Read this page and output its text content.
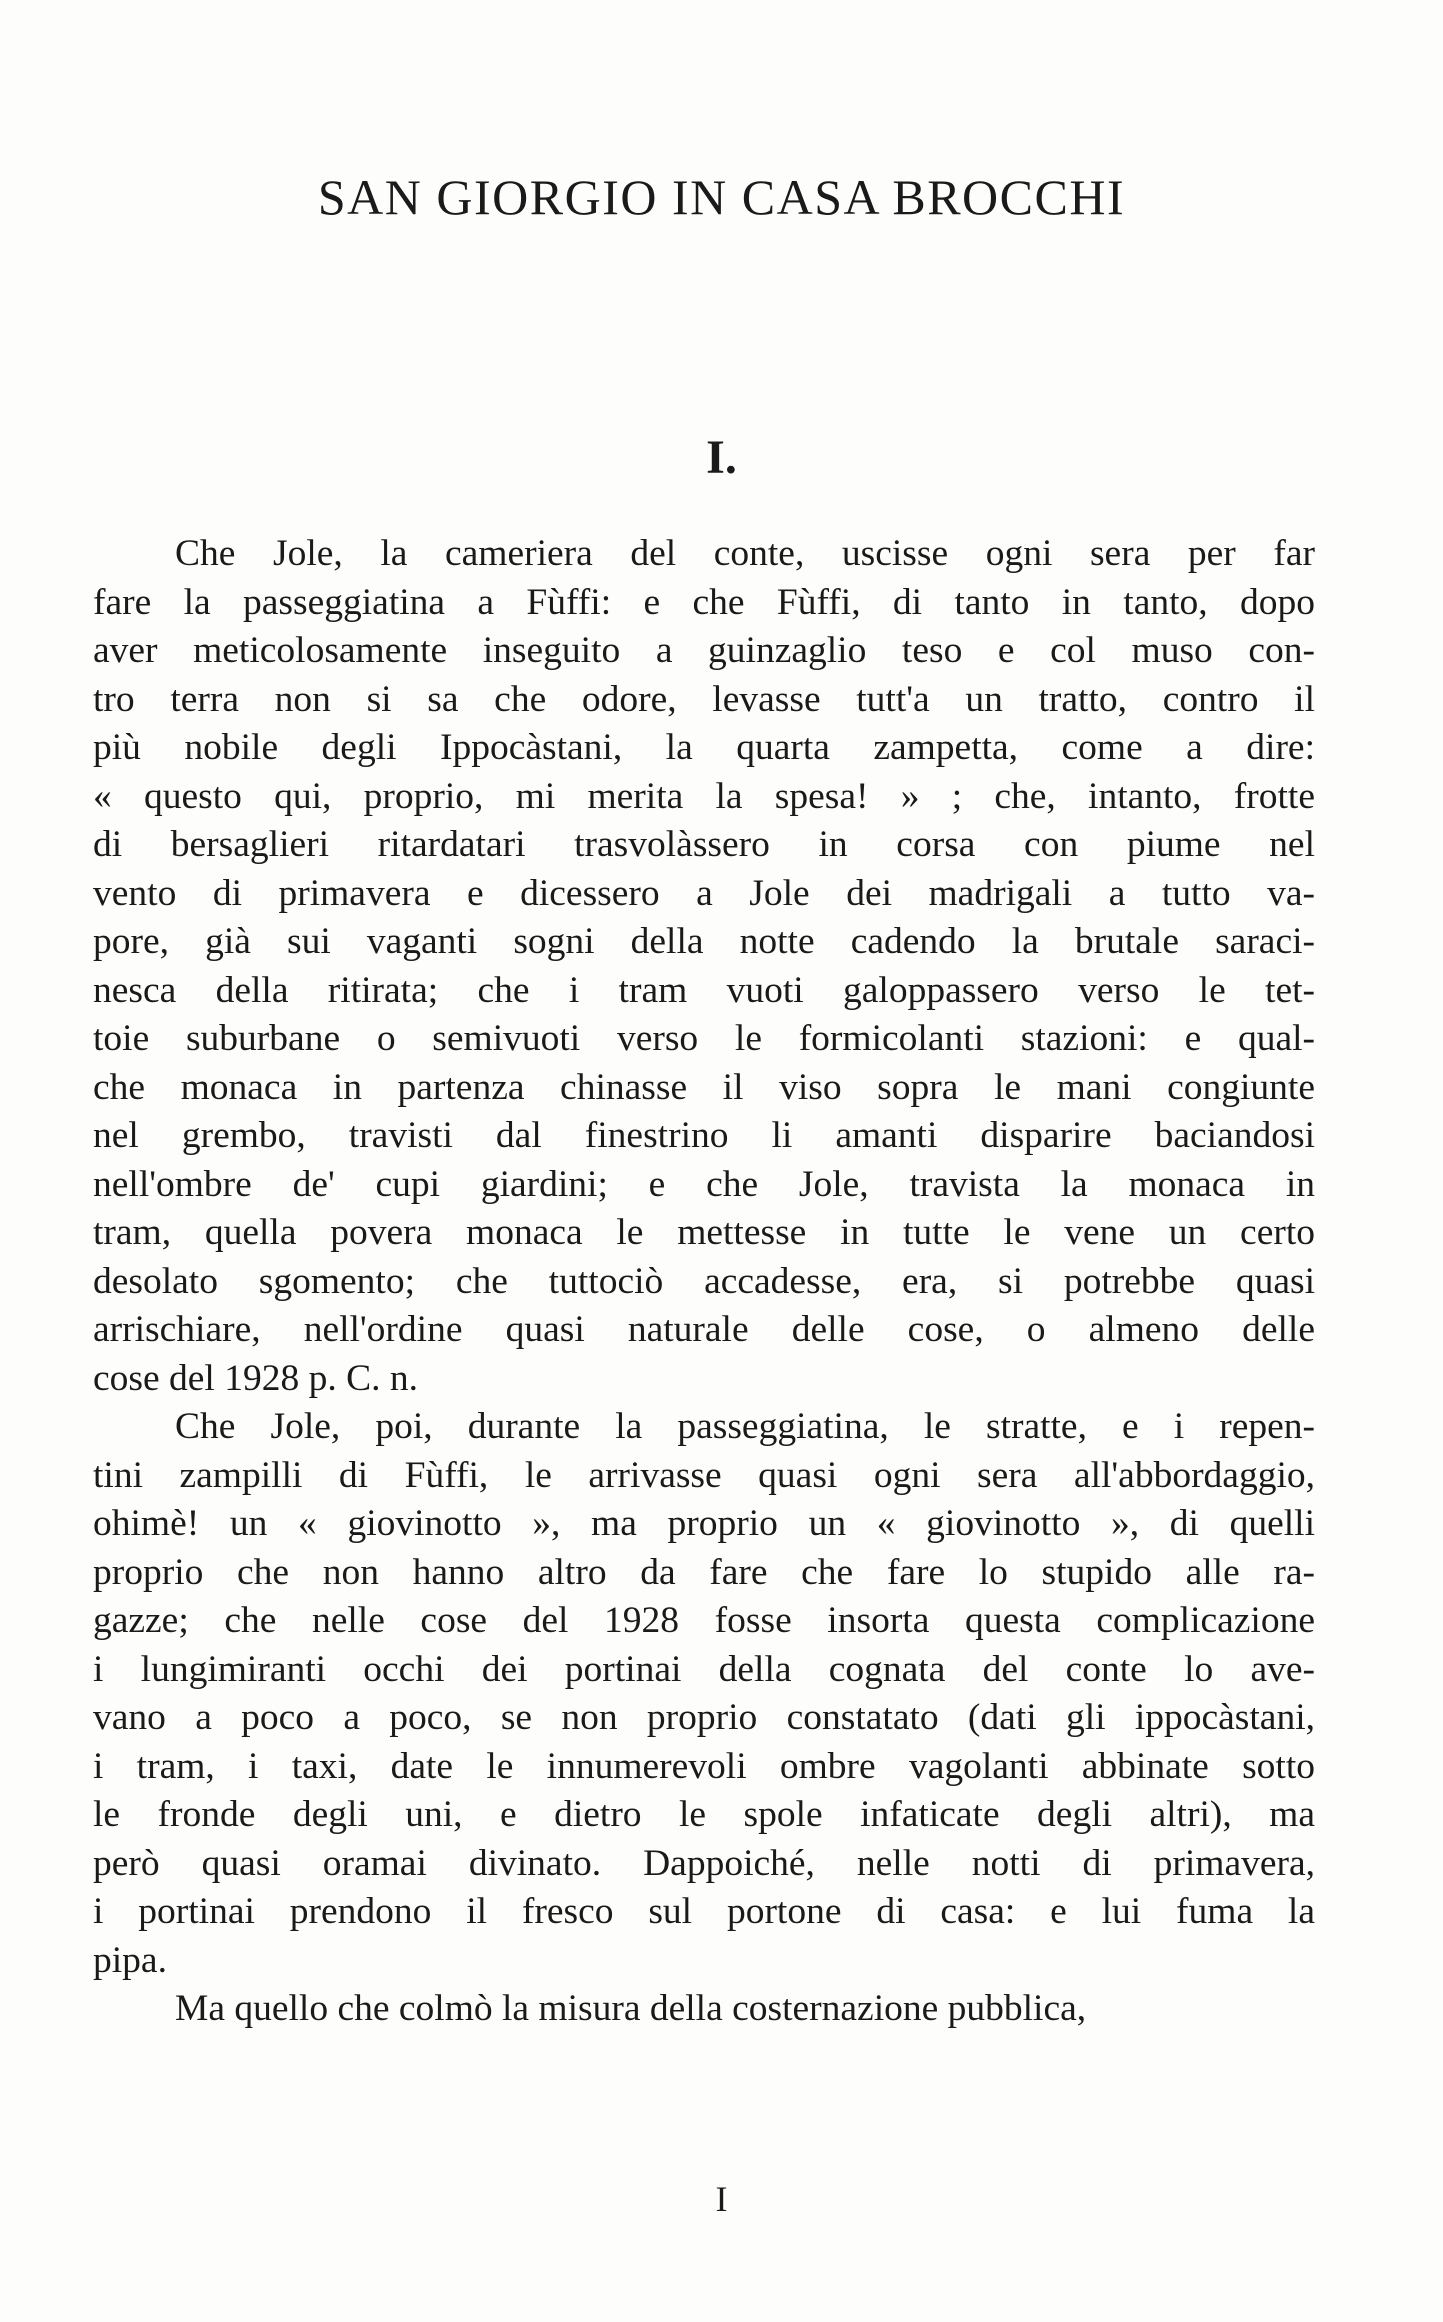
SAN GIORGIO IN CASA BROCCHI
I.
Che Jole, la cameriera del conte, uscisse ogni sera per far
fare la passeggiatina a Fùffi: e che Fùffi, di tanto in tanto, dopo
aver meticolosamente inseguito a guinzaglio teso e col muso con-
tro terra non si sa che odore, levasse tutt'a un tratto, contro il
più nobile degli Ippocàstani, la quarta zampetta, come a dire:
« questo qui, proprio, mi merita la spesa! » ; che, intanto, frotte
di bersaglieri ritardatari trasvolàssero in corsa con piume nel
vento di primavera e dicessero a Jole dei madrigali a tutto va-
pore, già sui vaganti sogni della notte cadendo la brutale saraci-
nesca della ritirata; che i tram vuoti galoppassero verso le tet-
toie suburbane o semivuoti verso le formicolanti stazioni: e qual-
che monaca in partenza chinasse il viso sopra le mani congiunte
nel grembo, travisti dal finestrino li amanti disparire baciandosi
nell'ombre de' cupi giardini; e che Jole, travista la monaca in
tram, quella povera monaca le mettesse in tutte le vene un certo
desolato sgomento; che tuttociò accadesse, era, si potrebbe quasi
arrischiare, nell'ordine quasi naturale delle cose, o almeno delle
cose del 1928 p. C. n.
Che Jole, poi, durante la passeggiatina, le stratte, e i repen-
tini zampilli di Fùffi, le arrivasse quasi ogni sera all'abbordaggio,
ohimè! un « giovinotto », ma proprio un « giovinotto », di quelli
proprio che non hanno altro da fare che fare lo stupido alle ra-
gazze; che nelle cose del 1928 fosse insorta questa complicazione
i lungimiranti occhi dei portinai della cognata del conte lo ave-
vano a poco a poco, se non proprio constatato (dati gli ippocàstani,
i tram, i taxi, date le innumerevoli ombre vagolanti abbinate sotto
le fronde degli uni, e dietro le spole infaticate degli altri), ma
però quasi oramai divinato. Dappoiché, nelle notti di primavera,
i portinai prendono il fresco sul portone di casa: e lui fuma la
pipa.
Ma quello che colmò la misura della costernazione pubblica,
I
